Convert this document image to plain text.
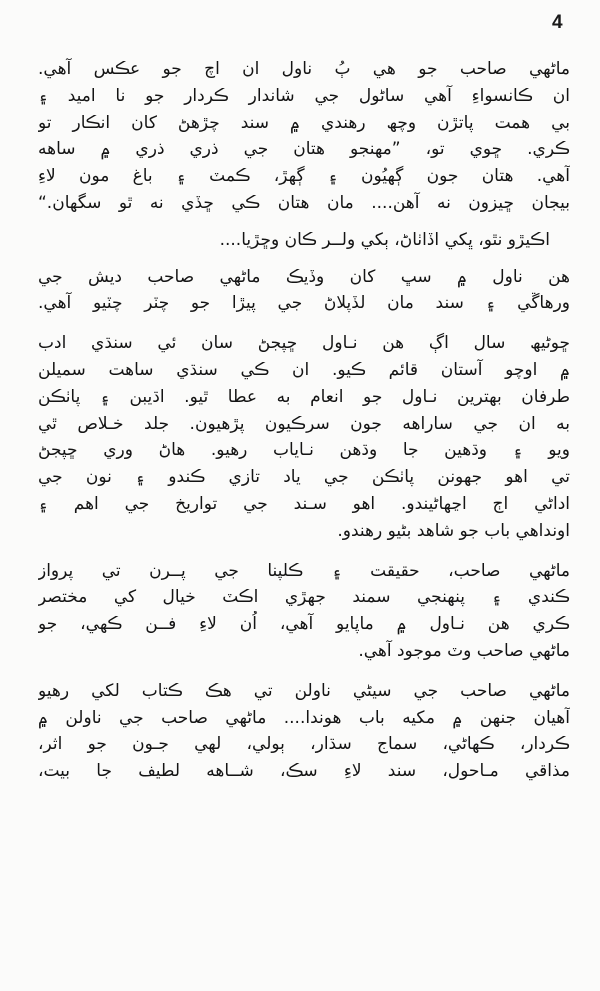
4
ماڻهي صاحب جو هي ٻُ ناول ان اچ جو عڪس آهي.
ان ڪانسواءِ آهي ساڻول جي شاندار ڪردار جو نا اميد ۽
بي همت پاتڙن وچھ رهندي ۾ سند چڙهڻ کان انڪار تو
ڪري. ڇوي تو، ”مهنجو هتان جي ذري ذري ۾ ساهه
آهي. هتان جون ڳهيُون ۽ ڳهڙ، ڪمٽ ۽ باغ مون لاءِ
بيجان ڇيزون نه آهن.... مان هتان ڪي ڇڏي نه ٿو سگهان.“
اڪيڙو نٿو، ڀکي اڏاٺاڻ، ٻکي ولــر ڪان وڇڙيا....
هن ناول ۾ سڀ کان وڏيڪ ماڻهي صاحب ديش جي
ورهاڱي ۽ سند مان لڏپلاڻ جي پيڙا جو چٽر چٽيو آهي.
ڇوڻيھ سال اڳ هن نـاول ڇپجڻ سان ئي سنڌي ادب
۾ اوچو آستان قائم ڪيو. ان ڪي سنڌي ساهت سميلن
طرفان بھترين نـاول جو انعام به عطا ٿيو. اڌيبن ۽ پاٺڪن
به ان جي ساراهه جون سرڪيون پڙهيون. جلد خـلاص ٿي
ويو ۽ وڌهين جا وڌهن نـاياب رهيو. هاڻ وري ڇپجڻ
تي اهو جهونن پاٺڪن جي ياد تازي ڪندو ۽ نون جي
اداڻي اڄ اڃهاڻيندو. اهو سـند جي تواريخ جي اهم ۽
اونداهي باب جو شاهد بڻيو رهندو.
ماڻهي صاحب، حقيقت ۽ ڪلپنا جي پــرن تي پرواز
ڪندي ۽ پنهنجي سمند جهڙي اڪٽ خيال کي مختصر
ڪري هن نـاول ۾ ماپايو آهي، اُن لاءِ فــن ڪهي، جو
ماڻهي صاحب وٽ موجود آهي.
ماڻهي صاحب جي سيڻي ناولن تي هڪ ڪتاب لکي رهيو
آهيان جنهن ۾ مکيه باب هوندا.... ماڻهي صاحب جي ناولن ۾
ڪردار، ڪهاڻي، سماج سڌار، ٻولي، لهي جـون جو اثر،
مذاقي مـاحول، سند لاءِ سڪ، شــاهه لطيف جا بيت،
